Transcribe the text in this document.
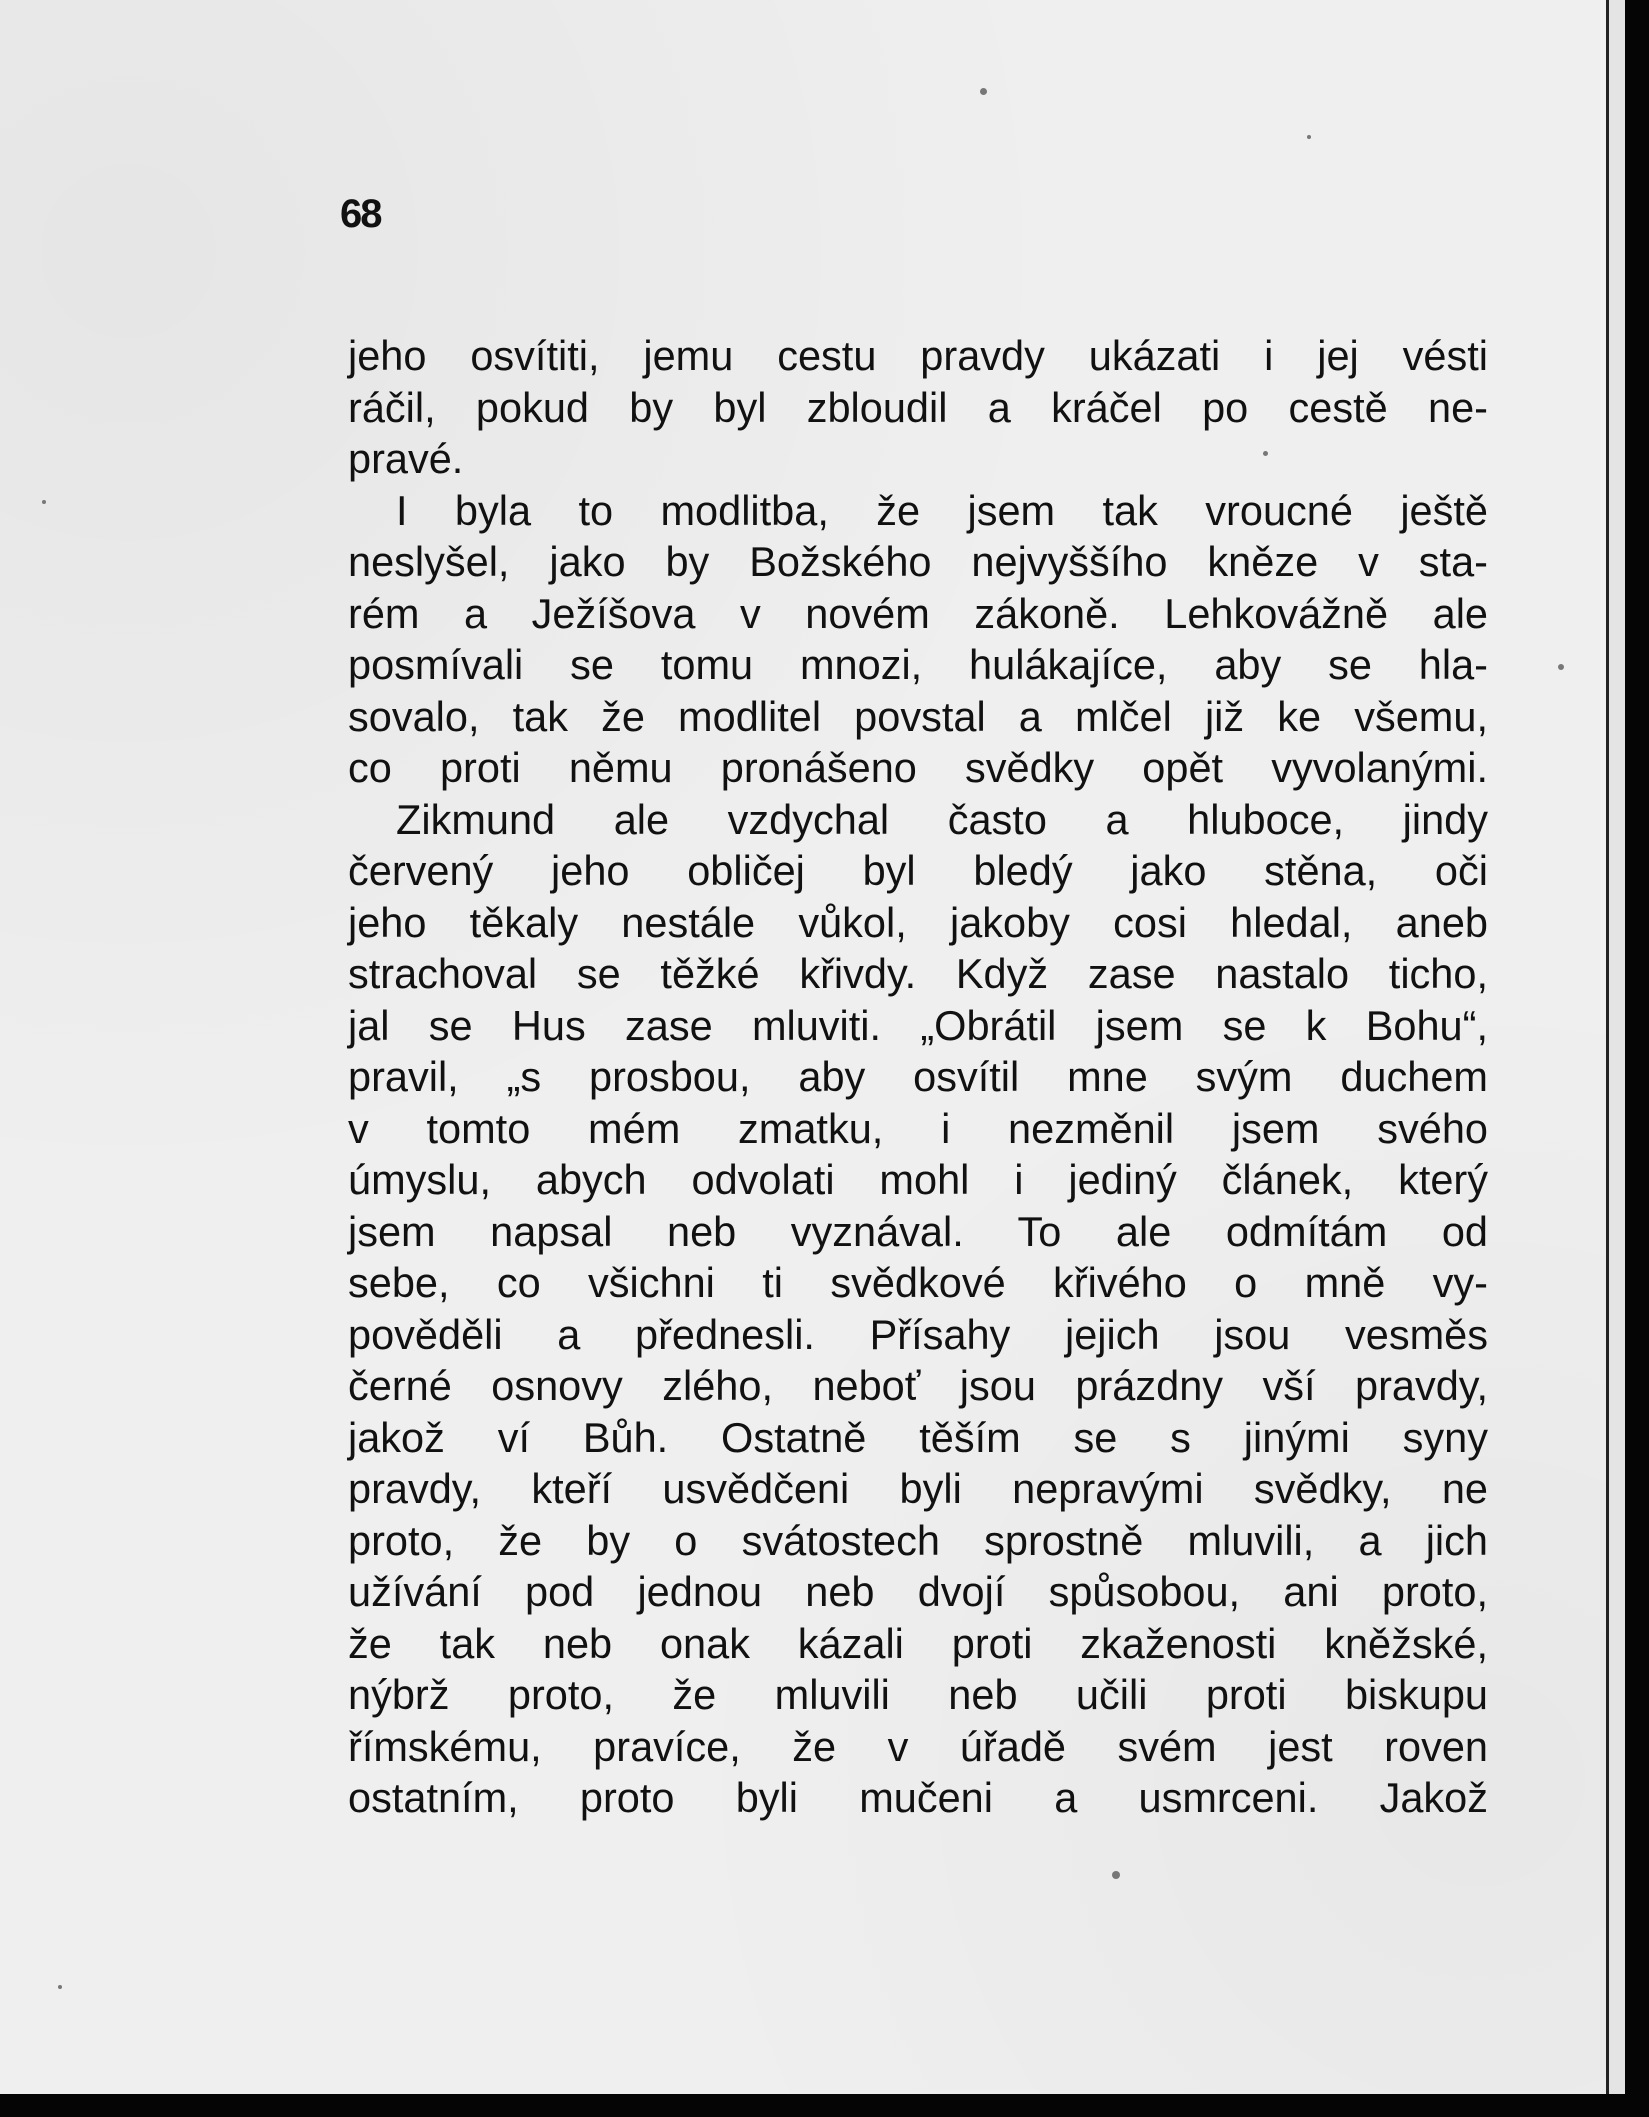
68
jeho osvítiti, jemu cestu pravdy ukázati i jej vésti
ráčil, pokud by byl zbloudil a kráčel po cestě ne-
pravé.
I byla to modlitba, že jsem tak vroucné ještě
neslyšel, jako by Božského nejvyššího kněze v sta-
rém a Ježíšova v novém zákoně. Lehkovážně ale
posmívali se tomu mnozi, hulákajíce, aby se hla-
sovalo, tak že modlitel povstal a mlčel již ke všemu,
co proti němu pronášeno svědky opět vyvolanými.
Zikmund ale vzdychal často a hluboce, jindy
červený jeho obličej byl bledý jako stěna, oči
jeho těkaly nestále vůkol, jakoby cosi hledal, aneb
strachoval se těžké křivdy. Když zase nastalo ticho,
jal se Hus zase mluviti. „Obrátil jsem se k Bohu“,
pravil, „s prosbou, aby osvítil mne svým duchem
v tomto mém zmatku, i nezměnil jsem svého
úmyslu, abych odvolati mohl i jediný článek, který
jsem napsal neb vyznával. To ale odmítám od
sebe, co všichni ti svědkové křivého o mně vy-
pověděli a přednesli. Přísahy jejich jsou vesměs
černé osnovy zlého, neboť jsou prázdny vší pravdy,
jakož ví Bůh. Ostatně těším se s jinými syny
pravdy, kteří usvědčeni byli nepravými svědky, ne
proto, že by o svátostech sprostně mluvili, a jich
užívání pod jednou neb dvojí spůsobou, ani proto,
že tak neb onak kázali proti zkaženosti kněžské,
nýbrž proto, že mluvili neb učili proti biskupu
římskému, pravíce, že v úřadě svém jest roven
ostatním, proto byli mučeni a usmrceni. Jakož
